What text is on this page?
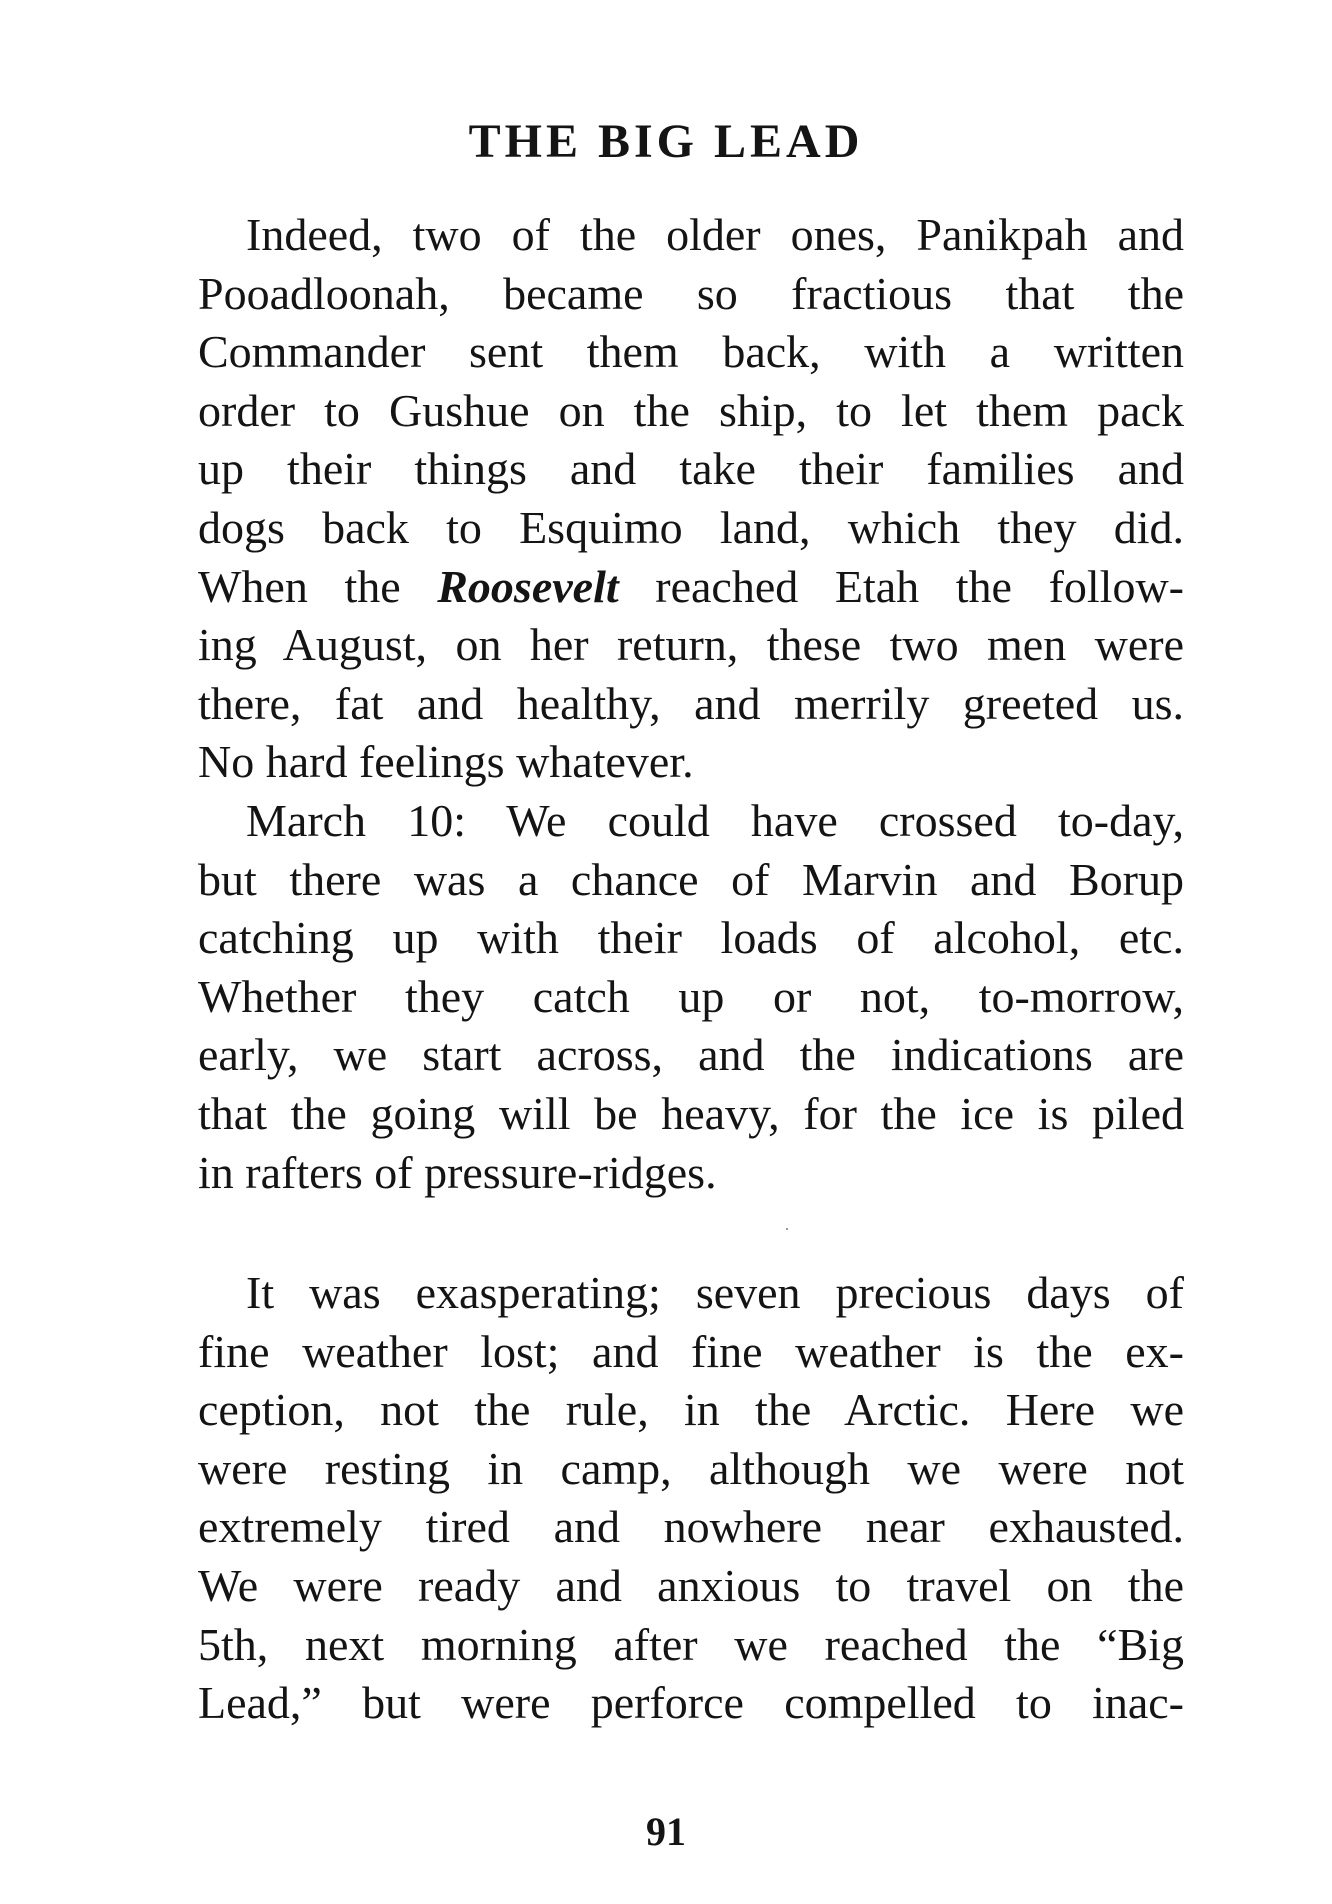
THE BIG LEAD
Indeed, two of the older ones, Panikpah and
Pooadloonah, became so fractious that the
Commander sent them back, with a written
order to Gushue on the ship, to let them pack
up their things and take their families and
dogs back to Esquimo land, which they did.
When the Roosevelt reached Etah the follow-
ing August, on her return, these two men were
there, fat and healthy, and merrily greeted us.
No hard feelings whatever.
March 10: We could have crossed to-day,
but there was a chance of Marvin and Borup
catching up with their loads of alcohol, etc.
Whether they catch up or not, to-morrow,
early, we start across, and the indications are
that the going will be heavy, for the ice is piled
in rafters of pressure-ridges.
It was exasperating; seven precious days of
fine weather lost; and fine weather is the ex-
ception, not the rule, in the Arctic. Here we
were resting in camp, although we were not
extremely tired and nowhere near exhausted.
We were ready and anxious to travel on the
5th, next morning after we reached the “Big
Lead,” but were perforce compelled to inac-
91
